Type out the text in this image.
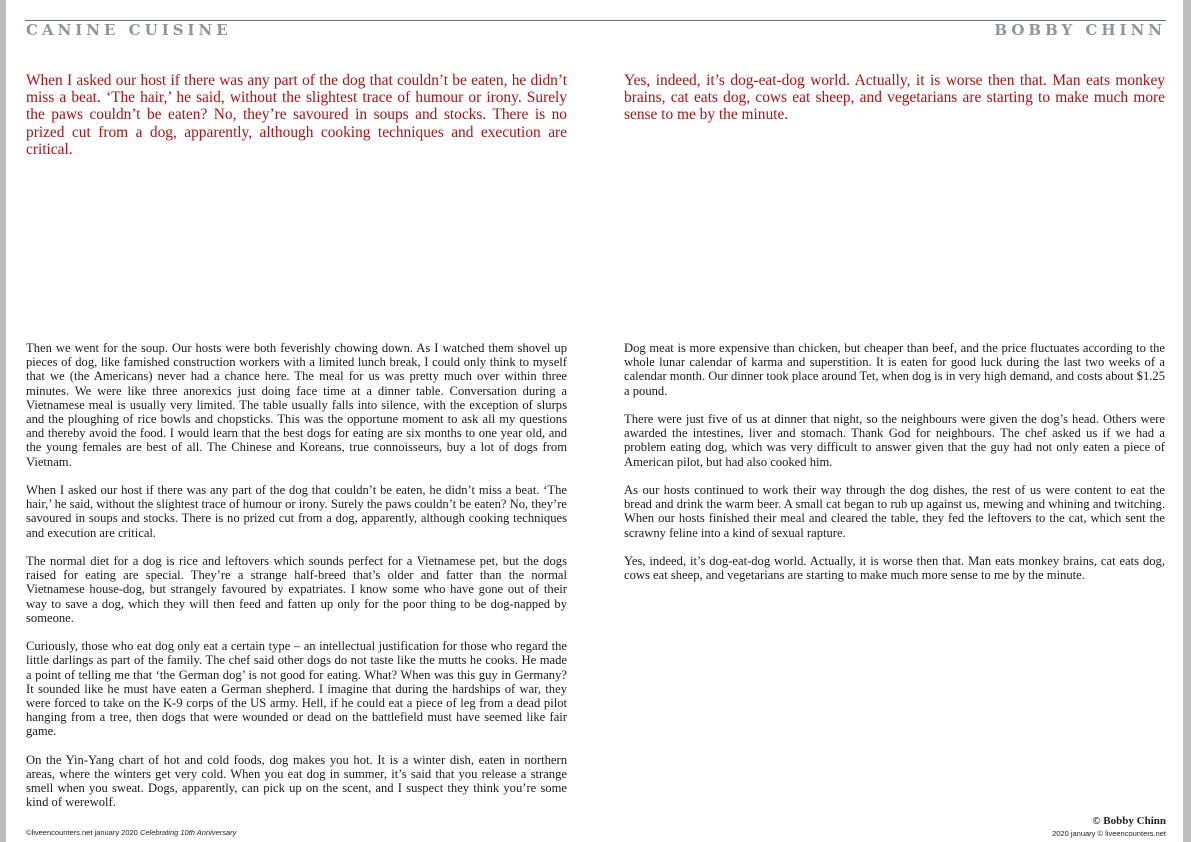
CANINE CUISINE	BOBBY CHINN
When I asked our host if there was any part of the dog that couldn’t be eaten, he didn’t miss a beat. ‘The hair,’ he said, without the slightest trace of humour or irony. Surely the paws couldn’t be eaten? No, they’re savoured in soups and stocks. There is no prized cut from a dog, apparently, although cooking techniques and execution are critical.
Yes, indeed, it’s dog-eat-dog world. Actually, it is worse then that. Man eats monkey brains, cat eats dog, cows eat sheep, and vegetarians are starting to make much more sense to me by the minute.

Then we went for the soup. Our hosts were both feverishly chowing down. As I watched them shovel up pieces of dog, like famished construction workers with a limited lunch break, I could only think to myself that we (the Americans) never had a chance here. The meal for us was pretty much over within three minutes. We were like three anorexics just doing face time at a dinner table. Conversation during a Vietnamese meal is usually very limited. The table usually falls into silence, with the exception of slurps and the ploughing of rice bowls and chopsticks. This was the opportune moment to ask all my questions and thereby avoid the food. I would learn that the best dogs for eating are six months to one year old, and the young females are best of all. The Chinese and Koreans, true connoisseurs, buy a lot of dogs from Vietnam.

When I asked our host if there was any part of the dog that couldn’t be eaten, he didn’t miss a beat. ‘The hair,’ he said, without the slightest trace of humour or irony. Surely the paws couldn’t be eaten? No, they’re savoured in soups and stocks. There is no prized cut from a dog, apparently, although cooking techniques and execution are critical.

The normal diet for a dog is rice and leftovers which sounds perfect for a Vietnamese pet, but the dogs raised for eating are special. They’re a strange half-breed that’s older and fatter than the normal Vietnamese house-dog, but strangely favoured by expatriates. I know some who have gone out of their way to save a dog, which they will then feed and fatten up only for the poor thing to be dog-napped by someone.

Curiously, those who eat dog only eat a certain type – an intellectual justification for those who regard the little darlings as part of the family. The chef said other dogs do not taste like the mutts he cooks. He made a point of telling me that ‘the German dog’ is not good for eating. What? When was this guy in Germany? It sounded like he must have eaten a German shepherd. I imagine that during the hardships of war, they were forced to take on the K-9 corps of the US army. Hell, if he could eat a piece of leg from a dead pilot hanging from a tree, then dogs that were wounded or dead on the battlefield must have seemed like fair game.

On the Yin-Yang chart of hot and cold foods, dog makes you hot. It is a winter dish, eaten in northern areas, where the winters get very cold. When you eat dog in summer, it’s said that you release a strange smell when you sweat. Dogs, apparently, can pick up on the scent, and I suspect they think you’re some kind of werewolf.

Dog meat is more expensive than chicken, but cheaper than beef, and the price fluctuates according to the whole lunar calendar of karma and superstition. It is eaten for good luck during the last two weeks of a calendar month. Our dinner took place around Tet, when dog is in very high demand, and costs about $1.25 a pound.

There were just five of us at dinner that night, so the neighbours were given the dog’s head. Others were awarded the intestines, liver and stomach. Thank God for neighbours. The chef asked us if we had a problem eating dog, which was very difficult to answer given that the guy had not only eaten a piece of American pilot, but had also cooked him.

As our hosts continued to work their way through the dog dishes, the rest of us were content to eat the bread and drink the warm beer. A small cat began to rub up against us, mewing and whining and twitching. When our hosts finished their meal and cleared the table, they fed the leftovers to the cat, which sent the scrawny feline into a kind of sexual rapture.

Yes, indeed, it’s dog-eat-dog world. Actually, it is worse then that. Man eats monkey brains, cat eats dog, cows eat sheep, and vegetarians are starting to make much more sense to me by the minute.

©liveencounters.net january 2020 Celebrating 10th Anniversary
© Bobby Chinn
2020 january © liveencounters.net
